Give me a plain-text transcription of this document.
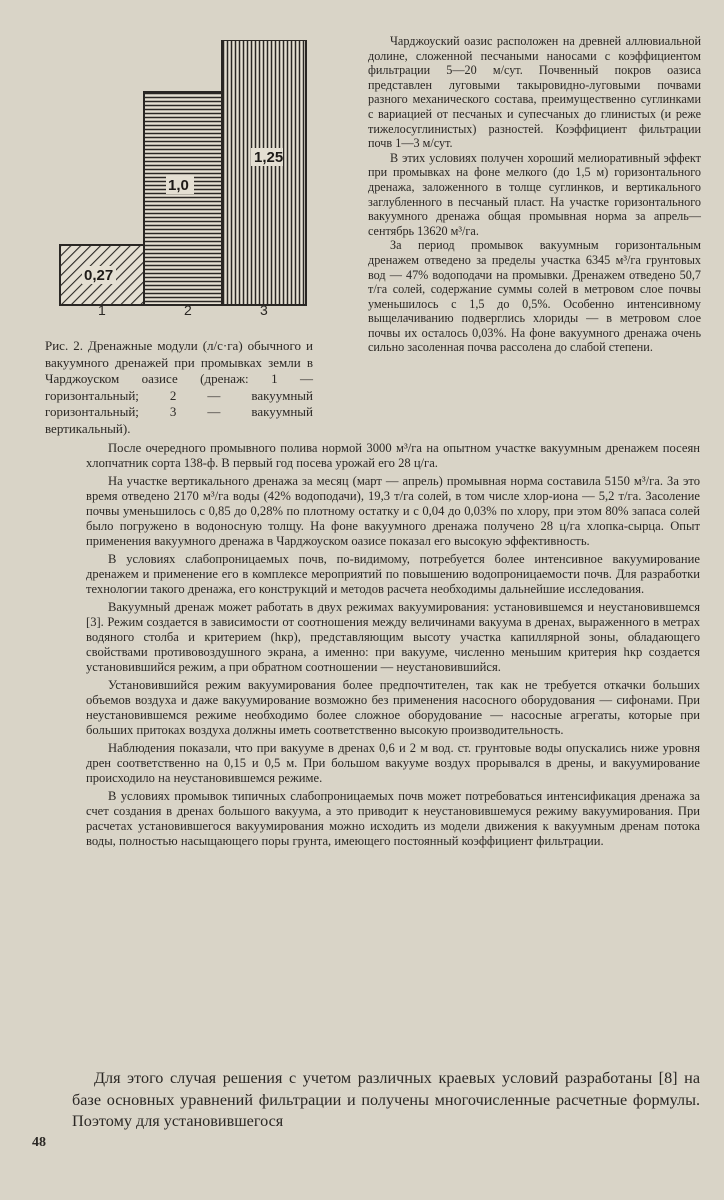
1,25
1,0
0,27
1	2	3
Рис. 2. Дренажные модули (л/с·га) обычного и вакуумного дренажей при промывках земли в Чарджоуском оазисе (дренаж: 1 — горизонтальный; 2 — вакуумный горизонтальный; 3 — вакуумный вертикальный).

Чарджоуский оазис расположен на древней аллювиальной долине, сложенной песчаными наносами с коэффициентом фильтрации 5—20 м/сут. Почвенный покров оазиса представлен луговыми такыровидно-луговыми почвами разного механического состава, преимущественно суглинками с вариацией от песчаных и супесчаных до глинистых (и реже тижелосуглинистых) разностей. Коэффициент фильтрации почв 1—3 м/сут.

В этих условиях получен хороший мелиоративный эффект при промывках на фоне мелкого (до 1,5 м) горизонтального дренажа, заложенного в толще суглинков, и вертикального заглубленного в песчаный пласт. На участке горизонтального вакуумного дренажа общая промывная норма за апрель—сентябрь 13620 м³/га.

За период промывок вакуумным горизонтальным дренажем отведено за пределы участка 6345 м³/га грунтовых вод — 47% водоподачи на промывки. Дренажем отведено 50,7 т/га солей, содержание суммы солей в метровом слое почвы уменьшилось с 1,5 до 0,5%. Особенно интенсивному выщелачиванию подверглись хлориды — в метровом слое почвы их осталось 0,03%. На фоне вакуумного дренажа очень сильно засоленная почва рассолена до слабой степени.

После очередного промывного полива нормой 3000 м³/га на опытном участке вакуумным дренажем посеян хлопчатник сорта 138-ф. В первый год посева урожай его 28 ц/га.

На участке вертикального дренажа за месяц (март — апрель) промывная норма составила 5150 м³/га. За это время отведено 2170 м³/га воды (42% водоподачи), 19,3 т/га солей, в том числе хлор-иона — 5,2 т/га. Засоление почвы уменьшилось с 0,85 до 0,28% по плотному остатку и с 0,04 до 0,03% по хлору, при этом 80% запаса солей было погружено в водоносную толщу. На фоне вакуумного дренажа получено 28 ц/га хлопка-сырца. Опыт применения вакуумного дренажа в Чарджоуском оазисе показал его высокую эффективность.

В условиях слабопроницаемых почв, по-видимому, потребуется более интенсивное вакуумирование дренажем и применение его в комплексе мероприятий по повышению водопроницаемости почв. Для разработки технологии такого дренажа, его конструкций и методов расчета необходимы дальнейшие исследования.

Вакуумный дренаж может работать в двух режимах вакуумирования: установившемся и неустановившемся [3]. Режим создается в зависимости от соотношения между величинами вакуума в дренах, выраженного в метрах водяного столба и критерием (hкр), представляющим высоту участка капиллярной зоны, обладающего свойствами противовоздушного экрана, а именно: при вакууме, численно меньшим критерия hкр создается установившийся режим, а при обратном соотношении — неустановившийся.

Установившийся режим вакуумирования более предпочтителен, так как не требуется откачки больших объемов воздуха и даже вакуумирование возможно без применения насосного оборудования — сифонами. При неустановившемся режиме необходимо более сложное оборудование — насосные агрегаты, которые при больших притоках воздуха должны иметь соответственно высокую производительность.

Наблюдения показали, что при вакууме в дренах 0,6 и 2 м вод. ст. грунтовые воды опускались ниже уровня дрен соответственно на 0,15 и 0,5 м. При большом вакууме воздух прорывался в дрены, и вакуумирование происходило на неустановившемся режиме.

В условиях промывок типичных слабопроницаемых почв может потребоваться интенсификация дренажа за счет создания в дренах большого вакуума, а это приводит к неустановившемуся режиму вакуумирования. При расчетах установившегося вакуумирования можно исходить из модели движения к вакуумным дренам потока воды, полностью насыщающего поры грунта, имеющего постоянный коэффициент фильтрации.

Для этого случая решения с учетом различных краевых условий разработаны [8] на базе основных уравнений фильтрации и получены многочисленные расчетные формулы. Поэтому для установившегося

48
